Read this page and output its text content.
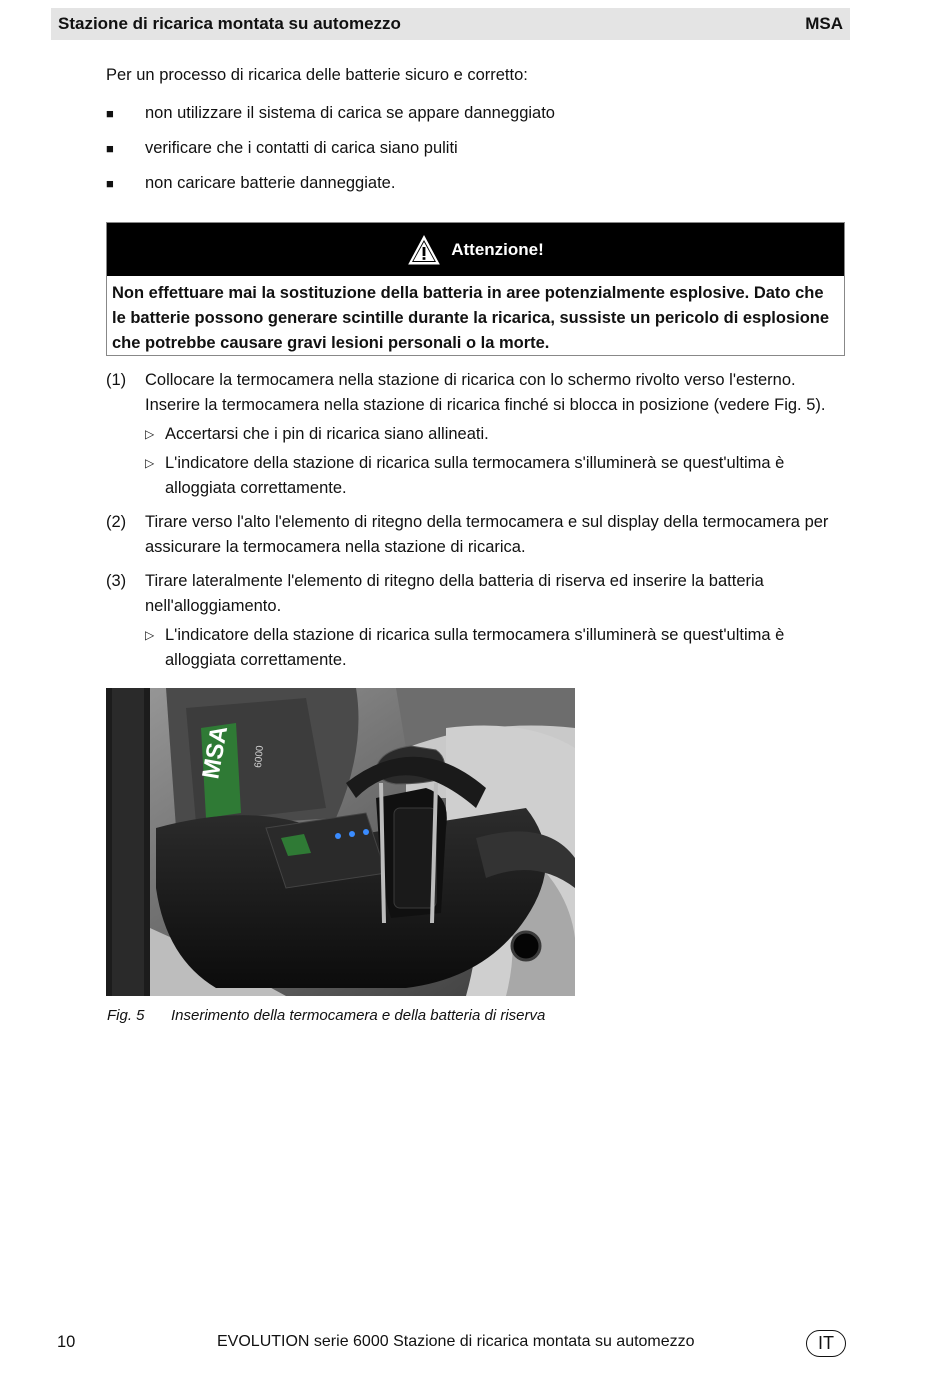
Stazione di ricarica montata su automezzo	MSA
Per un processo di ricarica delle batterie sicuro e corretto:
■	non utilizzare il sistema di carica se appare danneggiato
■	verificare che i contatti di carica siano puliti
■	non caricare batterie danneggiate.
Attenzione!
Non effettuare mai la sostituzione della batteria in aree potenzialmente esplosive. Dato che le batterie possono generare scintille durante la ricarica, sussiste un pericolo di esplosione che potrebbe causare gravi lesioni personali o la morte.
(1)	Collocare la termocamera nella stazione di ricarica con lo schermo rivolto verso l'esterno. Inserire la termocamera nella stazione di ricarica finché si blocca in posizione (vedere Fig. 5).
▷ Accertarsi che i pin di ricarica siano allineati.
▷ L'indicatore della stazione di ricarica sulla termocamera s'illuminerà se quest'ultima è alloggiata correttamente.
(2)	Tirare verso l'alto l'elemento di ritegno della termocamera e sul display della termocamera per assicurare la termocamera nella stazione di ricarica.
(3)	Tirare lateralmente l'elemento di ritegno della batteria di riserva ed inserire la batteria nell'alloggiamento.
▷ L'indicatore della stazione di ricarica sulla termocamera s'illuminerà se quest'ultima è alloggiata correttamente.
MSA 6000
Fig. 5 Inserimento della termocamera e della batteria di riserva
10	EVOLUTION serie 6000 Stazione di ricarica montata su automezzo	IT
